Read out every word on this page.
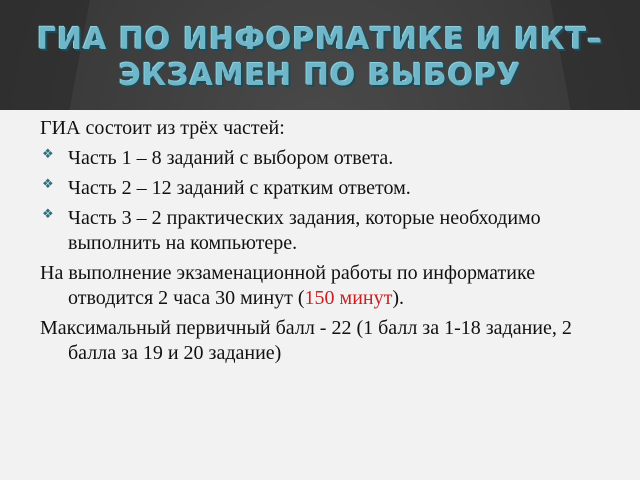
ГИА ПО ИНФОРМАТИКЕ И ИКТ–
ЭКЗАМЕН ПО ВЫБОРУ

ГИА состоит из трёх частей:

❖ Часть 1 – 8 заданий с выбором ответа.
❖ Часть 2 – 12 заданий с кратким ответом.
❖ Часть 3 – 2 практических задания, которые необходимо выполнить на компьютере.

На выполнение экзаменационной работы по информатике отводится 2 часа 30 минут (150 минут).

Максимальный первичный балл - 22 (1 балл за 1-18 задание, 2 балла за 19 и 20 задание)
